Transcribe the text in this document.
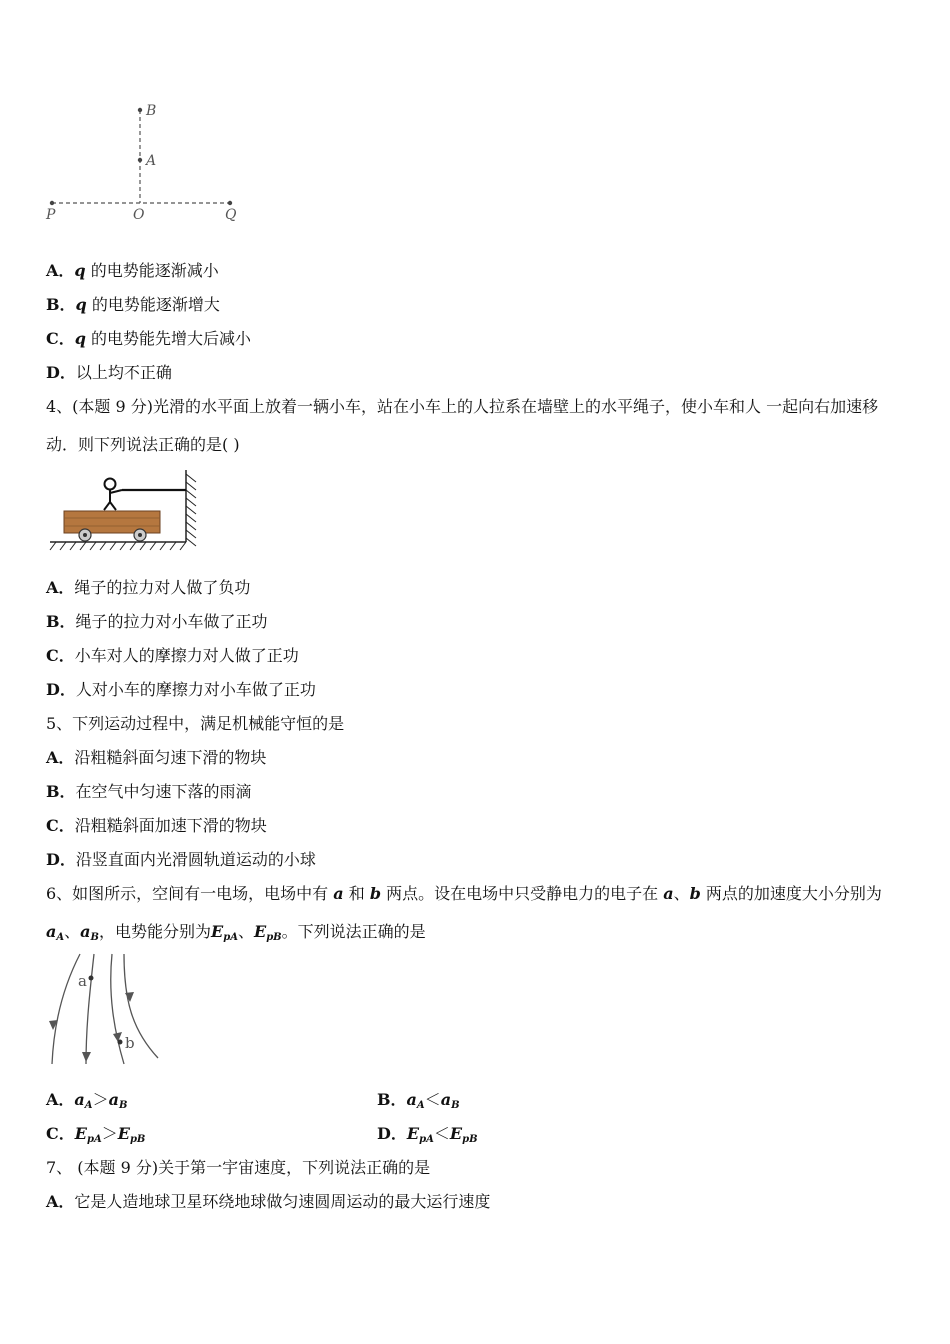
B
A
P	O	Q
A．q 的电势能逐渐减小
B．q 的电势能逐渐增大
C．q 的电势能先增大后减小
D．以上均不正确
4、(本题 9 分)光滑的水平面上放着一辆小车，站在小车上的人拉系在墙壁上的水平绳子，使小车和人 一起向右加速移
动．则下列说法正确的是( )
A．绳子的拉力对人做了负功
B．绳子的拉力对小车做了正功
C．小车对人的摩擦力对人做了正功
D．人对小车的摩擦力对小车做了正功
5、下列运动过程中，满足机械能守恒的是
A．沿粗糙斜面匀速下滑的物块
B．在空气中匀速下落的雨滴
C．沿粗糙斜面加速下滑的物块
D．沿竖直面内光滑圆轨道运动的小球
6、如图所示，空间有一电场，电场中有 a 和 b 两点。设在电场中只受静电力的电子在 a、b 两点的加速度大小分别为
$a_A$、$a_B$，电势能分别为$E_{pA}$、$E_{pB}$。下列说法正确的是
a
b
A．$a_A>a_B$	B．$a_A<a_B$
C．$E_{pA}>E_{pB}$	D．$E_{pA}<E_{pB}$
7、 (本题 9 分)关于第一宇宙速度，下列说法正确的是
A．它是人造地球卫星环绕地球做匀速圆周运动的最大运行速度
